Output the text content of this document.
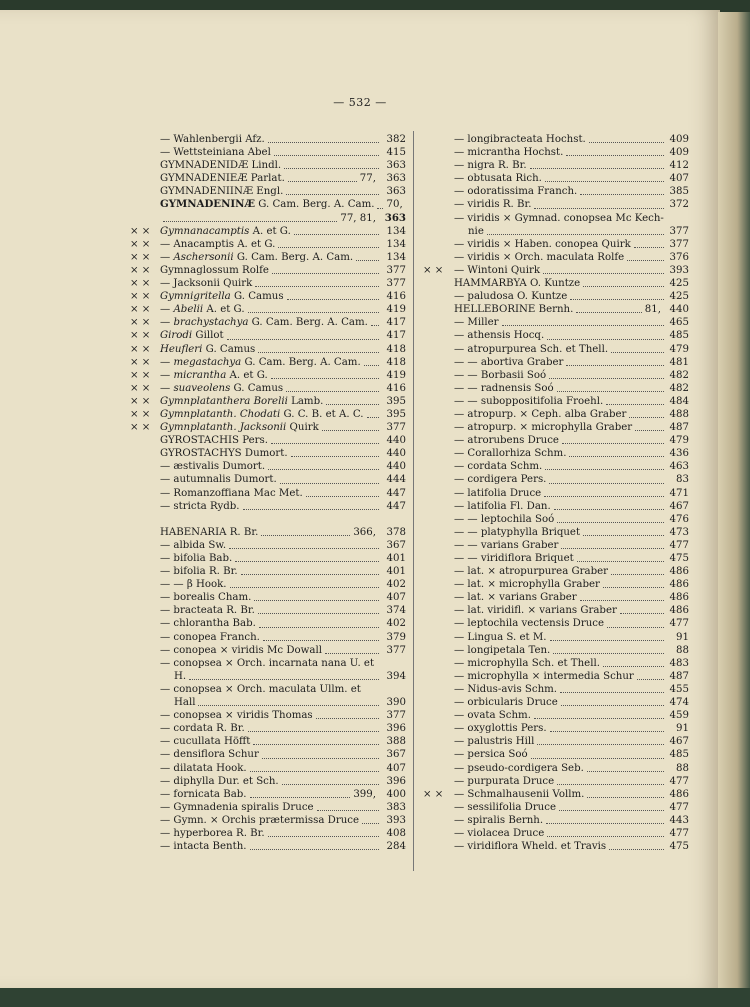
— 532 —
— Wahlenbergii Afz.	382
— Wettsteiniana Abel	415
GYMNADENIDÆ Lindl.	363
GYMNADENIEÆ Parlat.	77,	363
GYMNADENIINÆ Engl.	363
GYMNADENINÆ G. Cam. Berg. A. Cam. 70,
77, 81, 363
× × Gymnanacamptis A. et G.	134
× × — Anacamptis A. et G.	134
× × — Aschersonii G. Cam. Berg. A. Cam.	134
× × Gymnaglossum Rolfe	377
× × — Jacksonii Quirk	377
× × Gymnigritella G. Camus	416
× × — Abelii A. et G.	419
× × — brachystachya G. Cam. Berg. A. Cam.	417
× × Girodi Gillot	417
× × Heufleri G. Camus	418
× × — megastachya G. Cam. Berg. A. Cam.	418
× × — micrantha A. et G.	419
× × — suaveolens G. Camus	416
× × Gymnplatanthera Borelii Lamb.	395
× × Gymnplatanth. Chodati G. C. B. et A. C.	395
× × Gymnplatanth. Jacksonii Quirk	377
GYROSTACHIS Pers.	440
GYROSTACHYS Dumort.	440
— æstivalis Dumort.	440
— autumnalis Dumort.	444
— Romanzoffiana Mac Met.	447
— stricta Rydb.	447
HABENARIA R. Br.	366,	378
— albida Sw.	367
— bifolia Bab.	401
— bifolia R. Br.	401
— — β Hook.	402
— borealis Cham.	407
— bracteata R. Br.	374
— chlorantha Bab.	402
— conopea Franch.	379
— conopea × viridis Mc Dowall	377
— conopsea × Orch. incarnata nana U. et
H.	394
— conopsea × Orch. maculata Ullm. et
Hall	390
— conopsea × viridis Thomas	377
— cordata R. Br.	396
— cucullata Höfft	388
— densiflora Schur	367
— dilatata Hook.	407
— diphylla Dur. et Sch.	396
— fornicata Bab.	399,	400
— Gymnadenia spiralis Druce	383
— Gymn. × Orchis prætermissa Druce	393
— hyperborea R. Br.	408
— intacta Benth.	284
— longibracteata Hochst.	409
— micrantha Hochst.	409
— nigra R. Br.	412
— obtusata Rich.	407
— odoratissima Franch.	385
— viridis R. Br.	372
— viridis × Gymnad. conopsea Mc Kech-
nie	377
— viridis × Haben. conopea Quirk	377
— viridis × Orch. maculata Rolfe	376
× ×	— Wintoni Quirk	393
HAMMARBYA O. Kuntze	425
— paludosa O. Kuntze	425
HELLEBORINE Bernh.	81, 440
— Miller	465
— athensis Hocq.	485
— atropurpurea Sch. et Thell.	479
— — abortiva Graber	481
— — Borbasii Soó	482
— — radnensis Soó	482
— — suboppositifolia Froehl.	484
— atropurp. × Ceph. alba Graber	488
— atropurp. × microphylla Graber	487
— atrorubens Druce	479
— Corallorhiza Schm.	436
— cordata Schm.	463
— cordigera Pers.	83
— latifolia Druce	471
— latifolia Fl. Dan.	467
— — leptochila Soó	476
— — platyphylla Briquet	473
— — varians Graber	477
— — viridiflora Briquet	475
— lat. × atropurpurea Graber	486
— lat. × microphylla Graber	486
— lat. × varians Graber	486
— lat. viridifl. × varians Graber	486
— leptochila vectensis Druce	477
— Lingua S. et M.	91
— longipetala Ten.	88
— microphylla Sch. et Thell.	483
— microphylla × intermedia Schur	487
— Nidus-avis Schm.	455
— orbicularis Druce	474
— ovata Schm.	459
— oxyglottis Pers.	91
— palustris Hill	467
— persica Soó	485
— pseudo-cordigera Seb.	88
— purpurata Druce	477
× ×	— Schmalhausenii Vollm.	486
— sessilifolia Druce	477
— spiralis Bernh.	443
— violacea Druce	477
— viridiflora Wheld. et Travis	475
